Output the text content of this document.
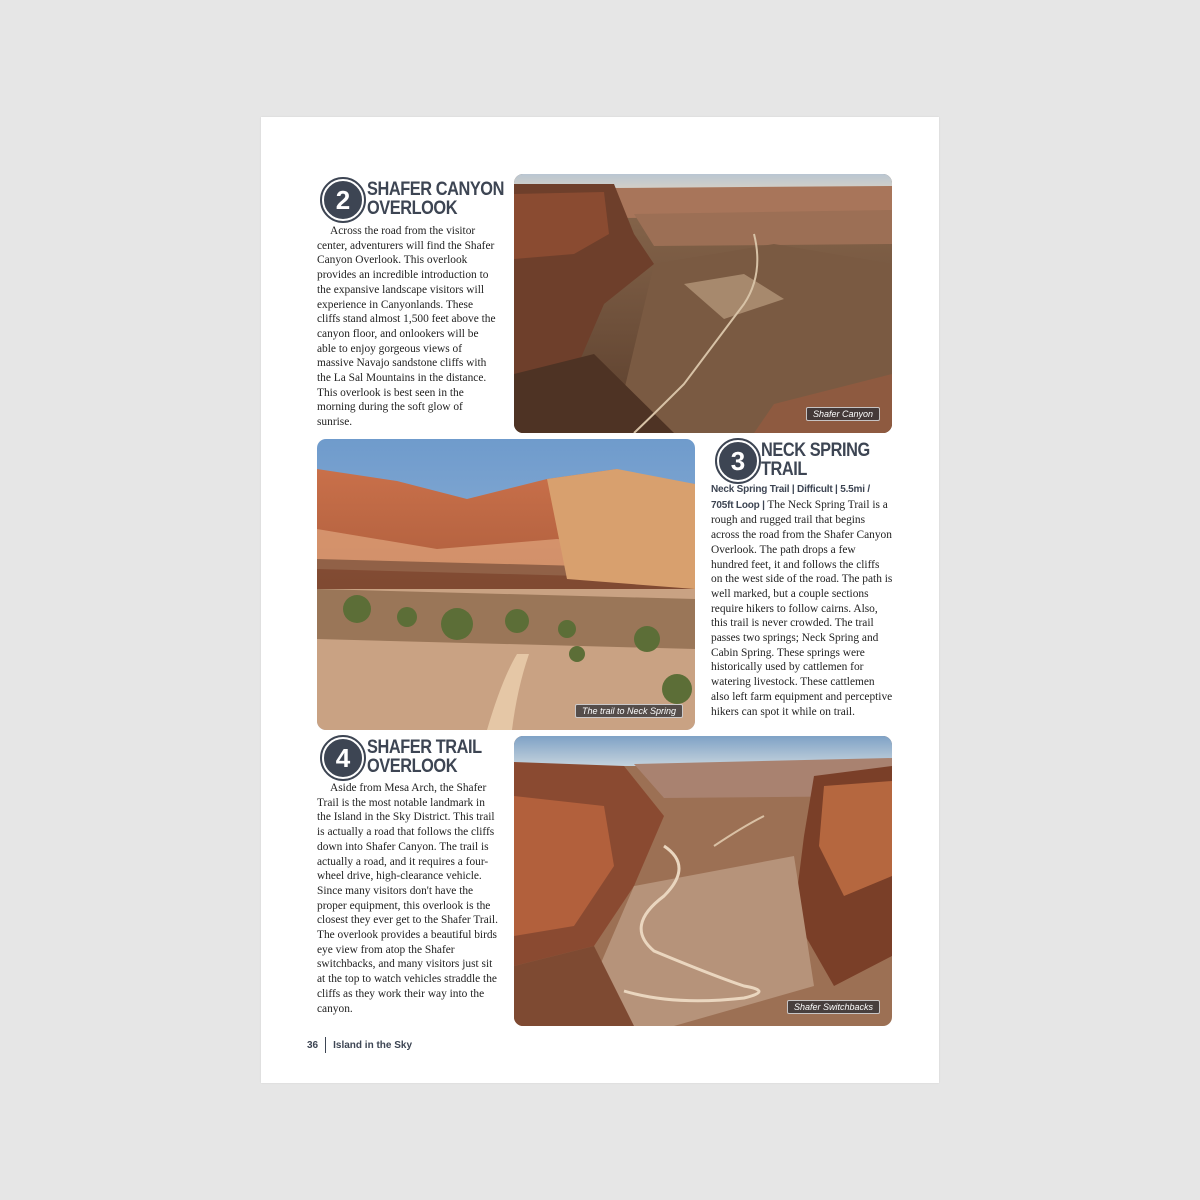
2 SHAFER CANYON
OVERLOOK
Across the road from the visitor center, adventurers will find the Shafer Canyon Overlook. This overlook provides an incredible introduction to the expansive landscape visitors will experience in Canyonlands. These cliffs stand almost 1,500 feet above the canyon floor, and onlookers will be able to enjoy gorgeous views of massive Navajo sandstone cliffs with the La Sal Mountains in the distance. This overlook is best seen in the morning during the soft glow of sunrise.
Shafer Canyon
The trail to Neck Spring
3 NECK SPRING
TRAIL
Neck Spring Trail | Difficult | 5.5mi / 705ft Loop | The Neck Spring Trail is a rough and rugged trail that begins across the road from the Shafer Canyon Overlook. The path drops a few hundred feet, it and follows the cliffs on the west side of the road. The path is well marked, but a couple sections require hikers to follow cairns. Also, this trail is never crowded. The trail passes two springs; Neck Spring and Cabin Spring. These springs were historically used by cattlemen for watering livestock. These cattlemen also left farm equipment and perceptive hikers can spot it while on trail.
4 SHAFER TRAIL
OVERLOOK
Aside from Mesa Arch, the Shafer Trail is the most notable landmark in the Island in the Sky District. This trail is actually a road that follows the cliffs down into Shafer Canyon. The trail is actually a road, and it requires a four-wheel drive, high-clearance vehicle. Since many visitors don't have the proper equipment, this overlook is the closest they ever get to the Shafer Trail. The overlook provides a beautiful birds eye view from atop the Shafer switchbacks, and many visitors just sit at the top to watch vehicles straddle the cliffs as they work their way into the canyon.	Shafer Switchbacks
36 Island in the Sky
